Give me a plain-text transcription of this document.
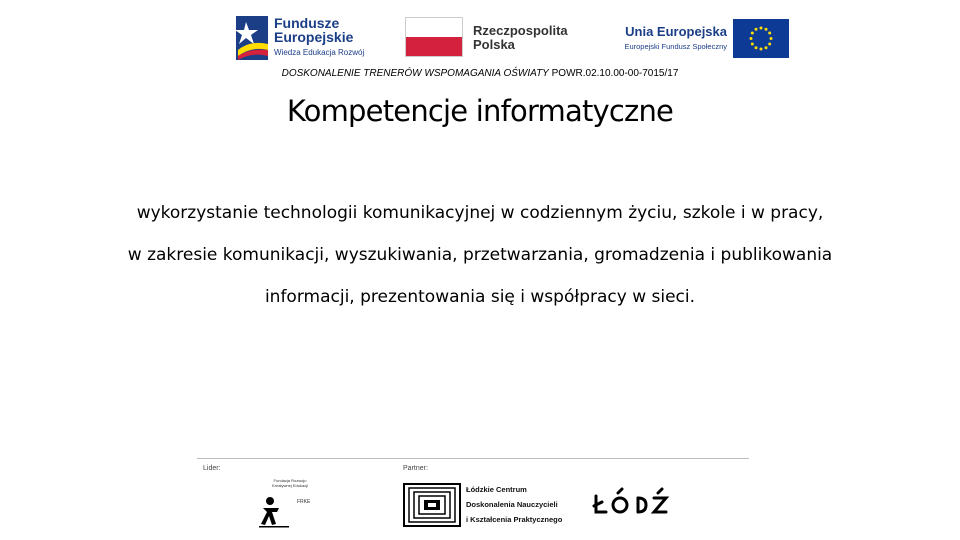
Fundusze
Europejskie
Wiedza Edukacja Rozwój
Rzeczpospolita
Polska
Unia Europejska
Europejski Fundusz Społeczny
DOSKONALENIE TRENERÓW WSPOMAGANIA OŚWIATY POWR.02.10.00-00-7015/17
Kompetencje informatyczne

wykorzystanie technologii komunikacyjnej w codziennym życiu, szkole i w pracy,

w zakresie komunikacji, wyszukiwania, przetwarzania, gromadzenia i publikowania

informacji, prezentowania się i współpracy w sieci.

Lider:	Partner:
Fundacja Rozwoju Kreatywnej Edukacji
FRKE
Łódzkie Centrum
Doskonalenia Nauczycieli
i Kształcenia Praktycznego
